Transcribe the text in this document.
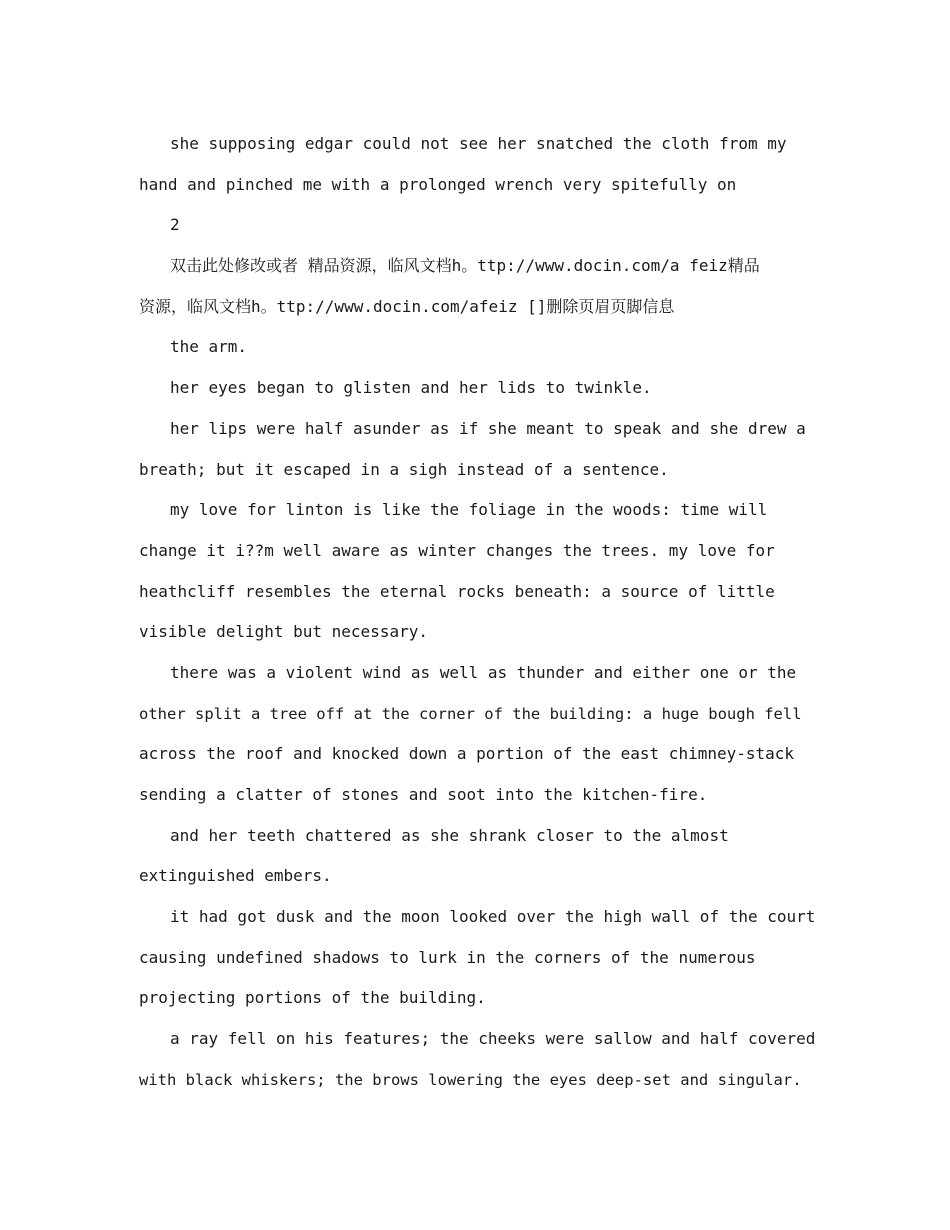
she supposing edgar could not see her snatched the cloth from my
hand and pinched me with a prolonged wrench very spitefully on
2
双击此处修改或者 精品资源，临风文档h。ttp://www.docin.com/a feiz精品
资源，临风文档h。ttp://www.docin.com/afeiz []删除页眉页脚信息
the arm.
her eyes began to glisten and her lids to twinkle.
her lips were half asunder as if she meant to speak and she drew a
breath; but it escaped in a sigh instead of a sentence.
my love for linton is like the foliage in the woods: time will
change it i??m well aware as winter changes the trees. my love for
heathcliff resembles the eternal rocks beneath: a source of little
visible delight but necessary.
there was a violent wind as well as thunder and either one or the
other split a tree off at the corner of the building: a huge bough fell
across the roof and knocked down a portion of the east chimney-stack
sending a clatter of stones and soot into the kitchen-fire.
and her teeth chattered as she shrank closer to the almost
extinguished embers.
it had got dusk and the moon looked over the high wall of the court
causing undefined shadows to lurk in the corners of the numerous
projecting portions of the building.
a ray fell on his features; the cheeks were sallow and half covered
with black whiskers; the brows lowering the eyes deep-set and singular.
